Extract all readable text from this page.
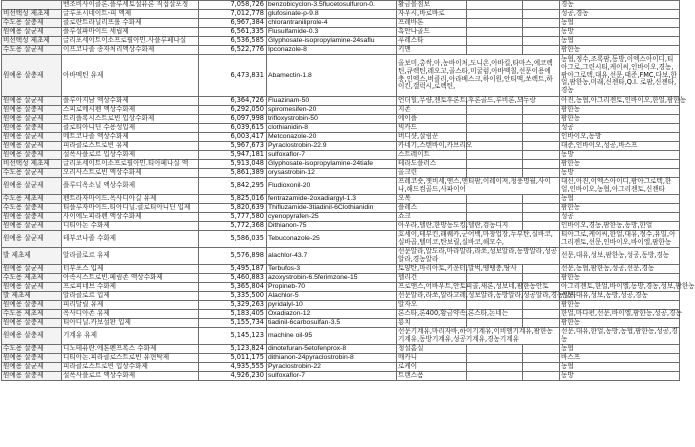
	벤조비사이클론.플루세토설퓨론 직접살포정	7,058,726	benzobicyclon-3.5flucetosulfuron-0.	활금볼점보			경농
비선택성 제초제	글루포시네이트-피 액제	7,012,778	glufosinate-p-9.8	자우시,바로바로			성공,경농
수도용 살충제	클로란트라닐리프롤 수화제	6,967,384	chlorantraniliprole-4	프레바톤			농협
원예용 살균제	플루설파마이드 세립제	6,561,335	Flusulfamide-0.3	혹안나골드			동방
비선택성 제초제	글리포세이트이소프로필아민.사플루페나실	6,536,585	Glyphosate-isopropylamine-24saflu	푸레스타			농협
수도용 살균제	이프코나졸 종자처리액상수화제	6,522,776	Ipconazole-8	키맨			팜한농
원예용 살충제	아바멕틴 유제	6,473,831	Abamectin-1.8	올보미,총싹,아,농바이처,도니온,아바킬,타마스,에코렉틴,큐렉틴,레오고,골스타,미굴럼,아바멕칠,선문이용에충,인엑스,버클리,아라베스크,하이원,안티맥,쏘렉트,하이킨,갤럭시,로렉틴,			농협,정수,조록팜,동방,이엑스아이디,티아그로,그린시티,케이씨,인바이오,경농,팜아그로텍,대유,선문,태준,FMC,다보,한얼,팜한농,미래,신젠타,Q.I. 로팜,신젠타,경농
원예용 살균제	플루아지남 액상수화제	6,364,726	Fluazinam-50	언더힐,무량,젠토후론트,후론골드,루비론,모두랑			아진,농협,아그리젠토,인바이오,한얼,팜한농
원예용 살충제	스피로메시펜 액상수화제	6,292,050	spiromesifen-20	지존			팜한농
원예용 살균제	트리플록시스트로빈 입상수화제	6,097,998	trifloxystrobin-50	에이플			팜한농
원예용 살충제	클로티아니딘 수용성입제	6,039,615	clothianidin-8	빅카드			성공
원예용 살균제	메트코나졸 액상수화제	6,003,417	Metconazole-20	버디샷,살림꾼			인바이오,동방
원예용 살균제	피라클로스트로빈 유제	5,967,673	Pyraclostrobin-22.9	카네기,스텐바이,카브리오			대준,인바이오,성공,바스프
원예용 살충제	설폭사플로르 입상수화제	5,947,181	sulfoxaflor-7	스트레이트			동방
비선택성 제초제	글리포세이트이소프로필아민.티아페나실 액	5,913,048	Glyphosate-isopropylamine-24tiafe	테라도플러스			팜한농
수도용 살균제	오리사스트로빈 액상수화제	5,861,389	orysastrobin-12	올크린			동방
원예용 살균제	플루디옥소닐 액상수화제	5,842,295	Fludioxonil-20	프레코숏,잿비세,앤스,앤티팜,이레이져,청풍명월,사이나,해드컴골드,사파이어			대신,아진,이엑스아이디,팜아그로텍,한얼,인바이오,농협,아그리젠토,신젠타
수도용 제초제	펜트라자마이드.옥사디아길 유제	5,825,016	fentrazamide-2oxadiargyl-1.3	오복			농협
수도용 살충제	티플루자마이드.티아디닐.클로티아니딘 입제	5,820,639	Thifluzamide-3tiadinil-6Clothianidin	플레스			팜한농
원예용 살충제	사이에노피라펜 액상수화제	5,777,580	cyenopyrafen-25	쇼크			성공
원예용 살균제	디티아논 수화제	5,772,368	Dithianon-75	아우라,델란,한방농도킹,델란,검농디지			인바이오,경농,팜한농,동방,한얼
원예용 살균제	테부코나졸 수화제	5,586,035	Tebuconazole-25	호세이,테부킨,래퀘카,군어백,마창업장,두부탄,실바코,실바곱,텔미코,탄보릴,실바코,해모수,			티아그로,케이씨,한얼,대유,정수,유일,아그리젠토,선문,인바이오,바이엘,팜한농
발 제초제	알라클로르 유제	5,576,898	alachlor-43.7	선문알라,알도라,마라말라,라쏘,성보알라,동방알라,성공알라,경농알라			선문,대유,성보,팜한농,성공,동방,경농
원예용 살균제	터부포스 입제	5,495,187	Terbufos-3	토양탄,마리아토,키운터,말벅,땡땡충,땅사			선문,농협,팜한농,성공,선문,경농
수도용 제초제	아족시스트로빈.페림존 액상수화제	5,460,883	azoxystrobin-6.5ferimzone-15	헬리건			팜한농
원예용 살균제	프로피네브 수화제	5,365,804	Propineb-70	프로앤스,어바우트,안토피콜,새론,성보네,팜한농안토			아그리젠토,한얼,바이엘,동방,경농,성보,팜한농
발 제초제	알라클로르 입제	5,335,500	Alachlor-5	선문알라,라쏘,알라고레,성보알라,동방알라,성공알라,경농알라			선문,대유,성보,동방,성공,경농
원예용 살충제	피리달릴 유제	5,329,263	pyridalyl-10	알자오			팜한농
수도용 제초제	옥사디아존 유제	5,183,405	Oxadiazon-12	론스타,론400,황금약속,론스타,논네는			한얼,마다펀,선문,바이엘,팜한농,성공,경농
원예용 살충제	티아디닐.카보설판 입제	5,155,734	tiadinil-6carbosulfan-3.5	룡치			팜한농
원예용 살충제	기계유 유제	5,145,123	machine oil-95	선문기계유,마리자바,하이기계유,이비엠기계유,팜한농기계유,동방기계유,성공기계유,경농기계유			선문,대유,한얼,동방,농협,팜한농,성공,경농
수도용 살충제	디노테퓨란.에톤펜프록스 수화제	5,123,824	dinotefuran-5etofenprox-8	청설홈실			농협
원예용 살충제	디티아논.피라클로스트로빈 유현탁제	5,011,175	dithianon-24pyraclostrobin-8	매카니			바스프
원예용 살균제	피라클로스트로빈 입상수화제	4,935,555	Pyraclostrobin-22	로케이			농협
원예용 살충제	설폭사플로르 액상수화제	4,926,230	sulfoxaflor-7	트랜스폼			동방
